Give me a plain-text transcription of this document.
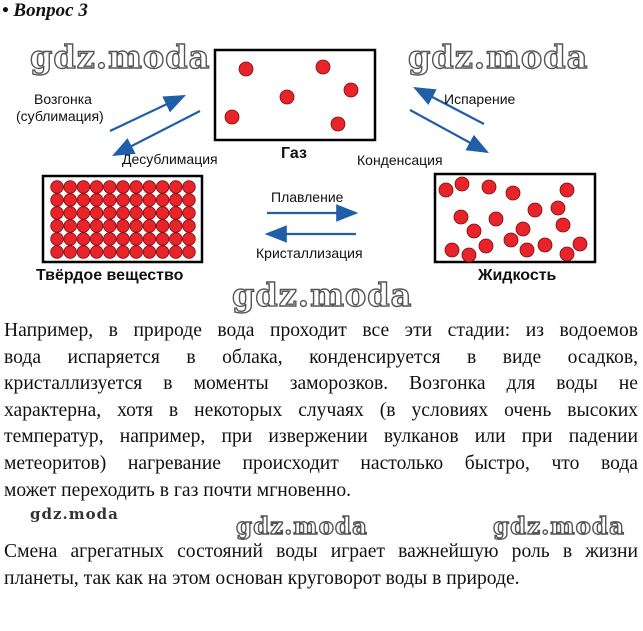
• Вопрос 3
gdz.moda	gdz.moda
gdz.moda
gdz.moda	gdz.moda	gdz.moda
Возгонка
(сублимация)
Десублимация	Газ
Испарение
Конденсация
Плавление
Кристаллизация
Твёрдое вещество	Жидкость
Например, в природе вода проходит все эти стадии: из водоемов
вода испаряется в облака, конденсируется в виде осадков,
кристаллизуется в моменты заморозков. Возгонка для воды не
характерна, хотя в некоторых случаях (в условиях очень высоких
температур, например, при извержении вулканов или при падении
метеоритов) нагревание происходит настолько быстро, что вода
может переходить в газ почти мгновенно.
Смена агрегатных состояний воды играет важнейшую роль в жизни
планеты, так как на этом основан круговорот воды в природе.
